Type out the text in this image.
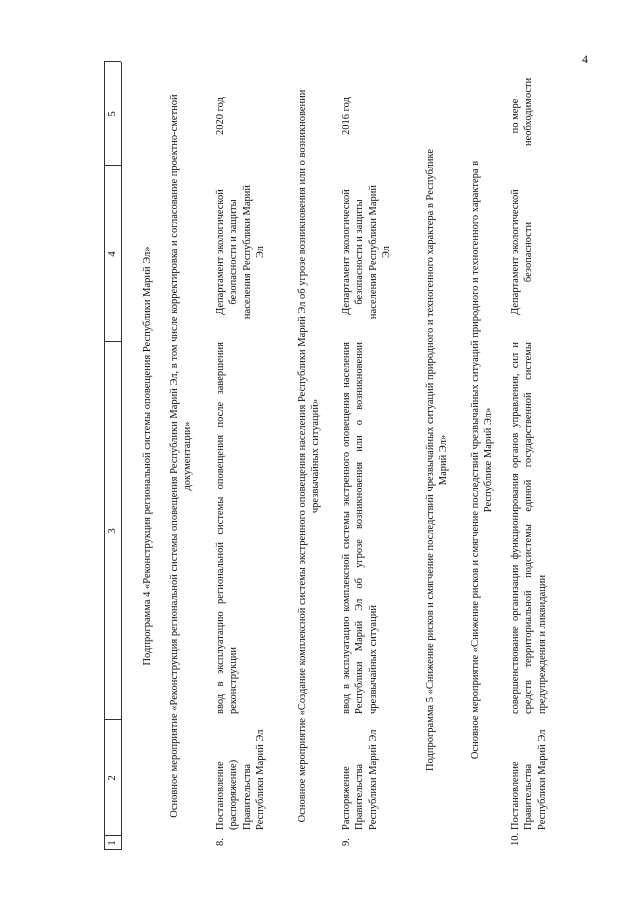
4
1
2
3
4
5
Подпрограмма 4 «Реконструкция региональной системы оповещения Республики Марий Эл» Основное мероприятие «Реконструкция региональной системы оповещения Республики Марий Эл, в том числе корректировка и согласование проектно-сметной документации»
8.
Постановление (распоряжение) Правительства Республики Марий Эл
ввод в эксплуатацию региональной системы оповещения после завершения реконструкции
Департамент экологической безопасности и защиты населения Республики Марий Эл
2020 год	Основное мероприятие «Создание комплексной системы экстренного оповещения населения Республики Марий Эл об угрозе возникновения или о возникновении чрезвычайных ситуаций»
9.
Распоряжение Правительства Республики Марий Эл
ввод в эксплуатацию комплексной системы экстренного оповещения населения Республики Марий Эл об угрозе возникновения или о возникновении чрезвычайных ситуаций
Департамент экологической безопасности и защиты населения Республики Марий Эл
2016 год
Подпрограмма 5 «Снижение рисков и смягчение последствий чрезвычайных ситуаций природного и техногенного характера в Республике Марий Эл» Основное мероприятие «Снижение рисков и смягчение последствий чрезвычайных ситуаций природного и техногенного характера в Республике Марий Эл»
10.
Постановление Правительства Республики Марий Эл
совершенствование организации функционирования органов управления, сил и средств территориальной подсистемы единой государственной системы предупреждения и ликвидации
Департамент экологической безопасности
по мере необходимости
